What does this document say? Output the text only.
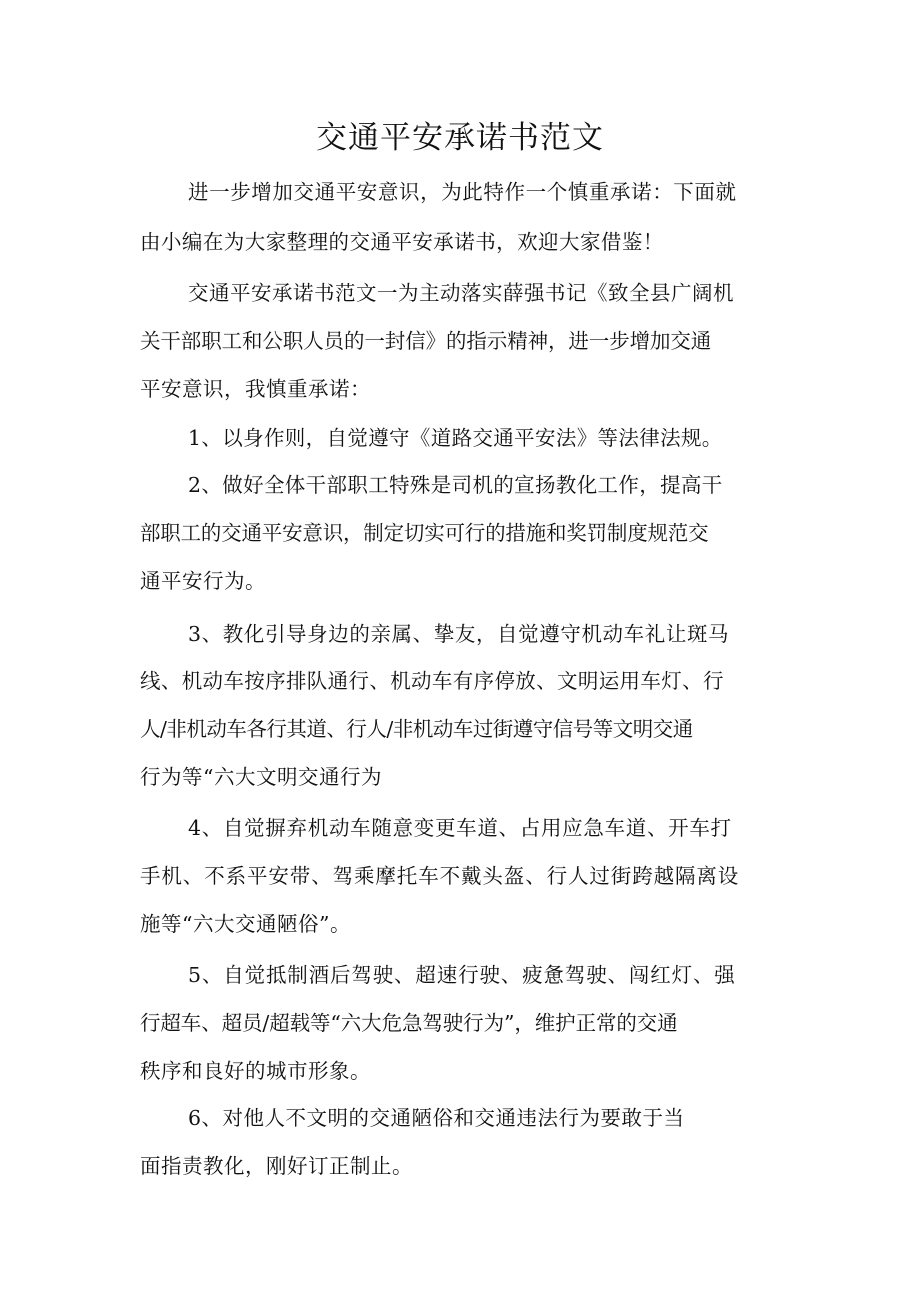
交通平安承诺书范文
进一步增加交通平安意识，为此特作一个慎重承诺：下面就
由小编在为大家整理的交通平安承诺书，欢迎大家借鉴！
交通平安承诺书范文一为主动落实薛强书记《致全县广阔机
关干部职工和公职人员的一封信》的指示精神，进一步增加交通
平安意识，我慎重承诺：
1、以身作则，自觉遵守《道路交通平安法》等法律法规。
2、做好全体干部职工特殊是司机的宣扬教化工作，提高干
部职工的交通平安意识，制定切实可行的措施和奖罚制度规范交
通平安行为。
3、教化引导身边的亲属、挚友，自觉遵守机动车礼让斑马
线、机动车按序排队通行、机动车有序停放、文明运用车灯、行
人/非机动车各行其道、行人/非机动车过街遵守信号等文明交通
行为等“六大文明交通行为
4、自觉摒弃机动车随意变更车道、占用应急车道、开车打
手机、不系平安带、驾乘摩托车不戴头盔、行人过街跨越隔离设
施等“六大交通陋俗”。
5、自觉抵制酒后驾驶、超速行驶、疲惫驾驶、闯红灯、强
行超车、超员/超载等“六大危急驾驶行为”，维护正常的交通
秩序和良好的城市形象。
6、对他人不文明的交通陋俗和交通违法行为要敢于当
面指责教化，刚好订正制止。
